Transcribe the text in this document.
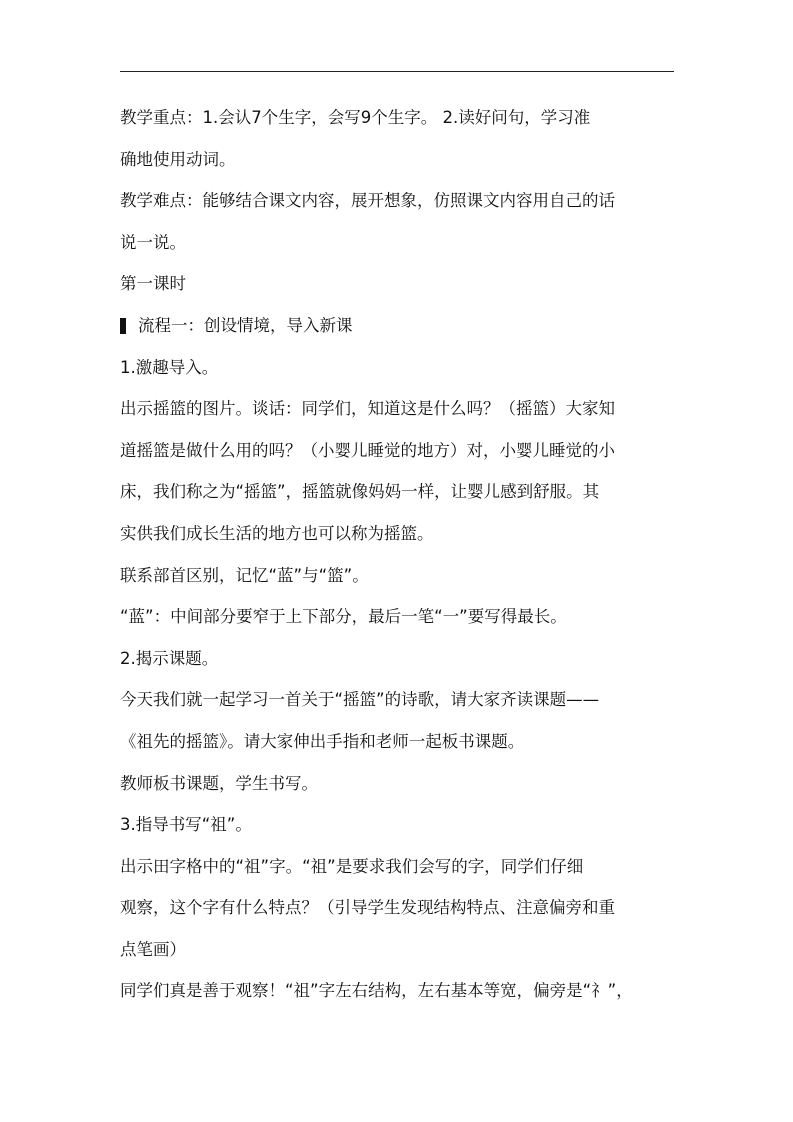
教学重点：1.会认7个生字，会写9个生字。 2.读好问句，学习准

确地使用动词。

教学难点：能够结合课文内容，展开想象，仿照课文内容用自己的话

说一说。

第一课时

流程一：创设情境，导入新课

1.激趣导入。

出示摇篮的图片。谈话：同学们，知道这是什么吗？（摇篮）大家知

道摇篮是做什么用的吗？（小婴儿睡觉的地方）对，小婴儿睡觉的小

床，我们称之为“摇篮”，摇篮就像妈妈一样，让婴儿感到舒服。其

实供我们成长生活的地方也可以称为摇篮。

联系部首区别，记忆“蓝”与“篮”。

“蓝”：中间部分要窄于上下部分，最后一笔“一”要写得最长。

2.揭示课题。

今天我们就一起学习一首关于“摇篮”的诗歌，请大家齐读课题——

《祖先的摇篮》。请大家伸出手指和老师一起板书课题。

教师板书课题，学生书写。

3.指导书写“祖”。

出示田字格中的“祖”字。“祖”是要求我们会写的字，同学们仔细

观察，这个字有什么特点？（引导学生发现结构特点、注意偏旁和重

点笔画）

同学们真是善于观察！“祖”字左右结构，左右基本等宽，偏旁是“礻”，
